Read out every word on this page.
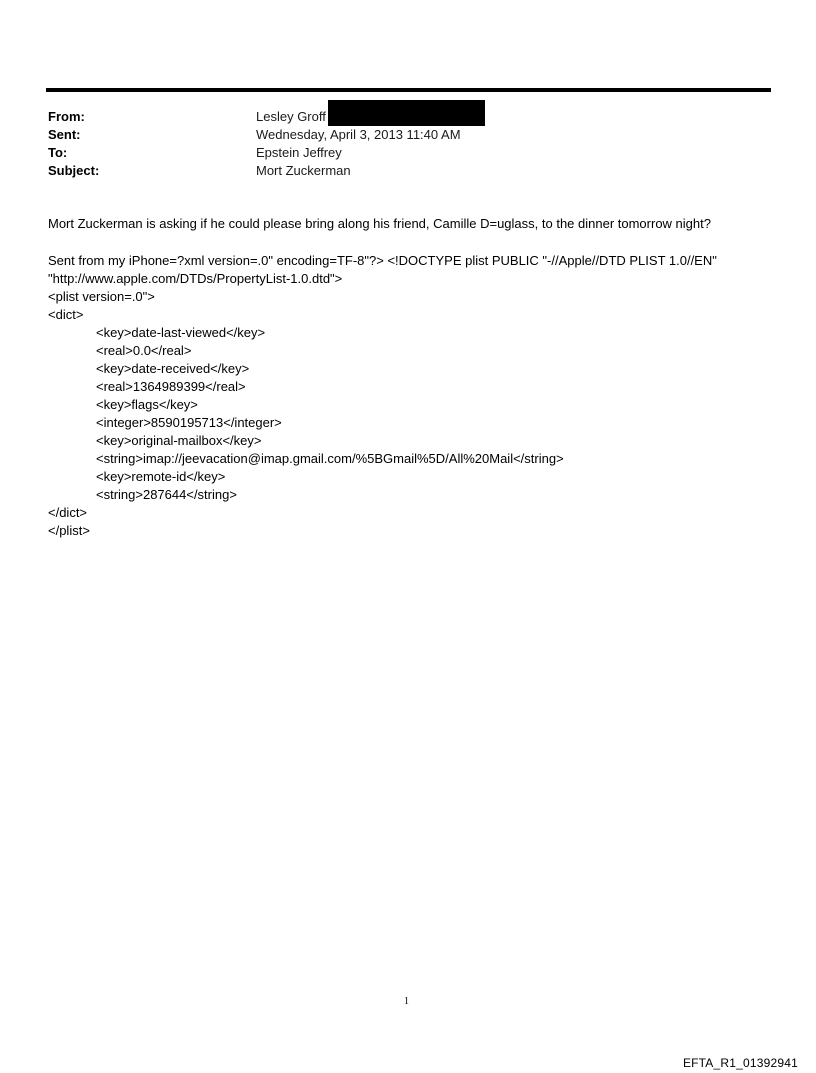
From:	Lesley Groff
Sent:	Wednesday, April 3, 2013 11:40 AM
To:	Epstein Jeffrey
Subject:	Mort Zuckerman
Mort Zuckerman is asking if he could please bring along his friend, Camille D=uglass, to the dinner tomorrow night?
Sent from my iPhone=?xml version=.0" encoding=TF-8"?> <!DOCTYPE plist PUBLIC "-//Apple//DTD PLIST 1.0//EN"
"http://www.apple.com/DTDs/PropertyList-1.0.dtd">
<plist version=.0">
<dict>
<key>date-last-viewed</key>
<real>0.0</real>
<key>date-received</key>
<real>1364989399</real>
<key>flags</key>
<integer>8590195713</integer>
<key>original-mailbox</key>
<string>imap://jeevacation@imap.gmail.com/%5BGmail%5D/All%20Mail</string>
<key>remote-id</key>
<string>287644</string>
</dict>
</plist>
1
EFTA_R1_01392941
